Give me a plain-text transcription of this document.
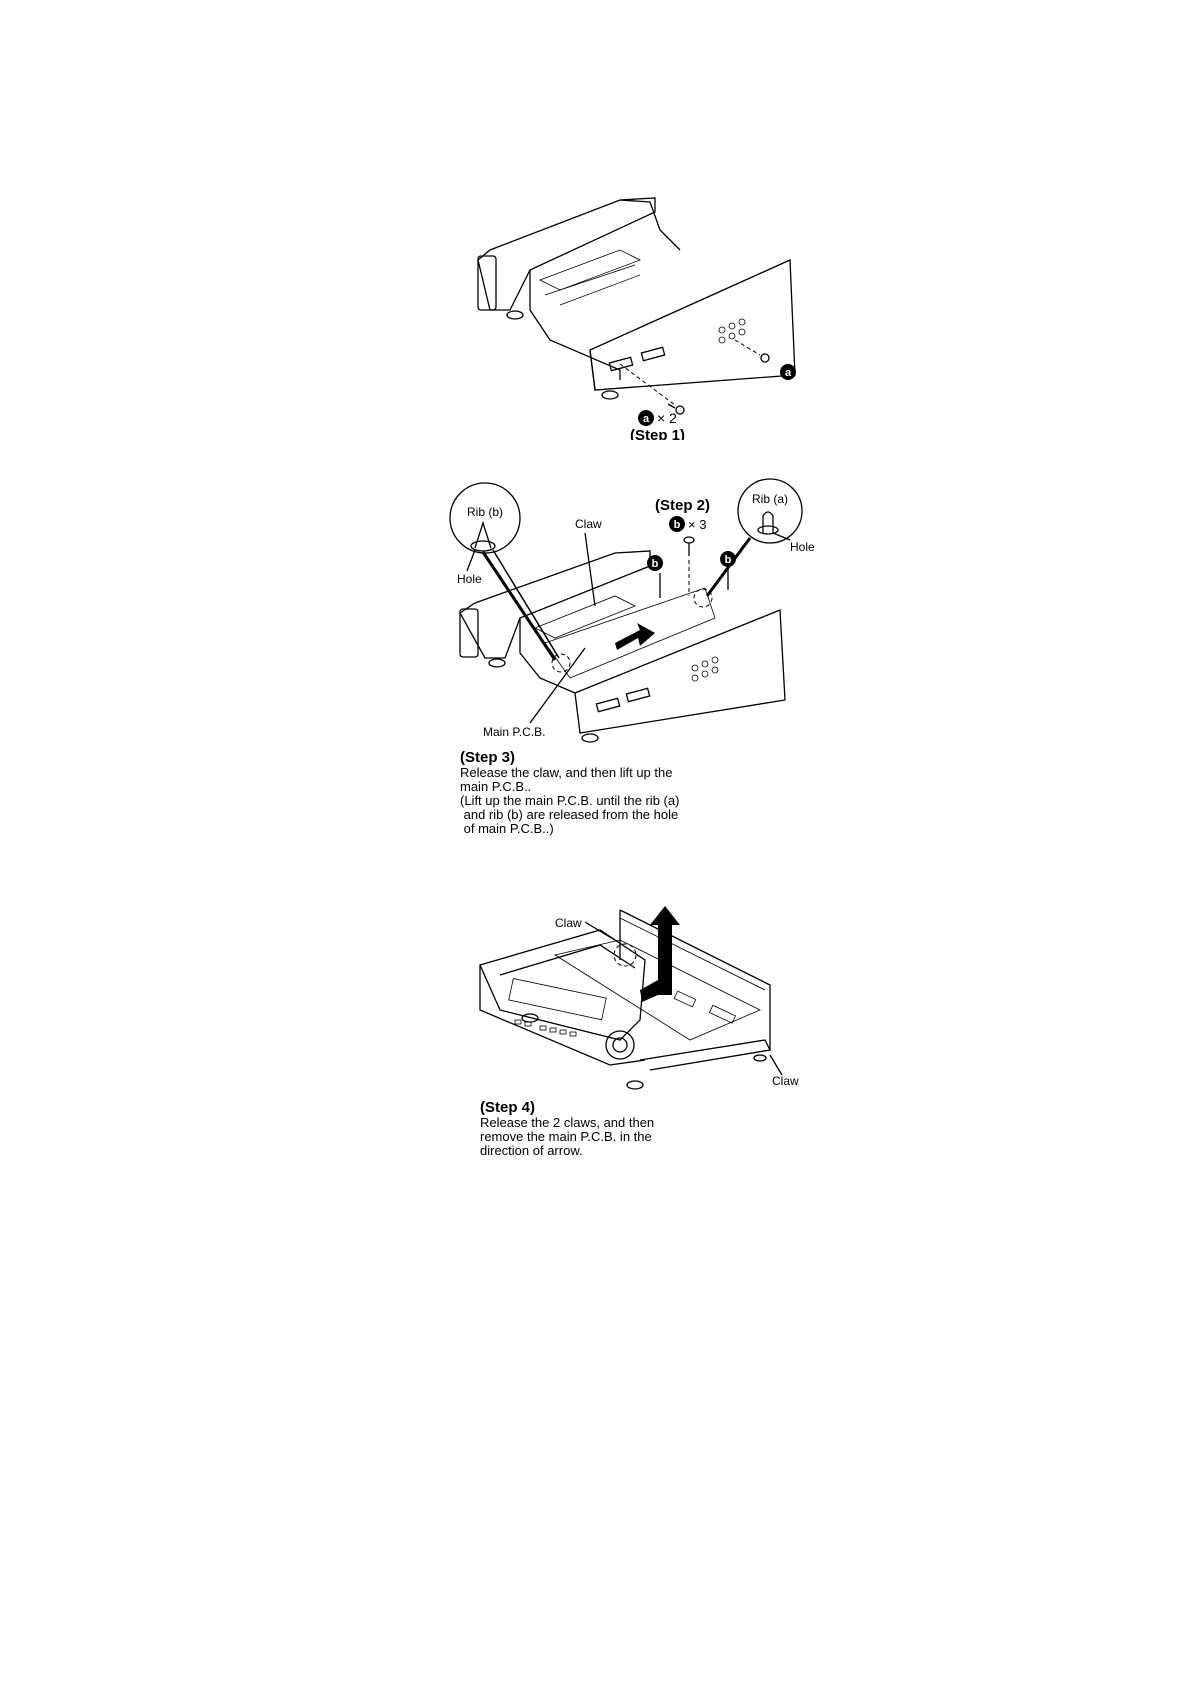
a
a × 2
(Step 1)
Rib (b)
Hole
Rib (a)
Hole
(Step 2)
b × 3
Claw
b	b
Main P.C.B.
(Step 3)
Release the claw, and then lift up the
main P.C.B..
(Lift up the main P.C.B. until the rib (a)
and rib (b) are released from the hole
of main P.C.B..)
Claw
Claw
(Step 4)
Release the 2 claws, and then
remove the main P.C.B. in the
direction of arrow.
